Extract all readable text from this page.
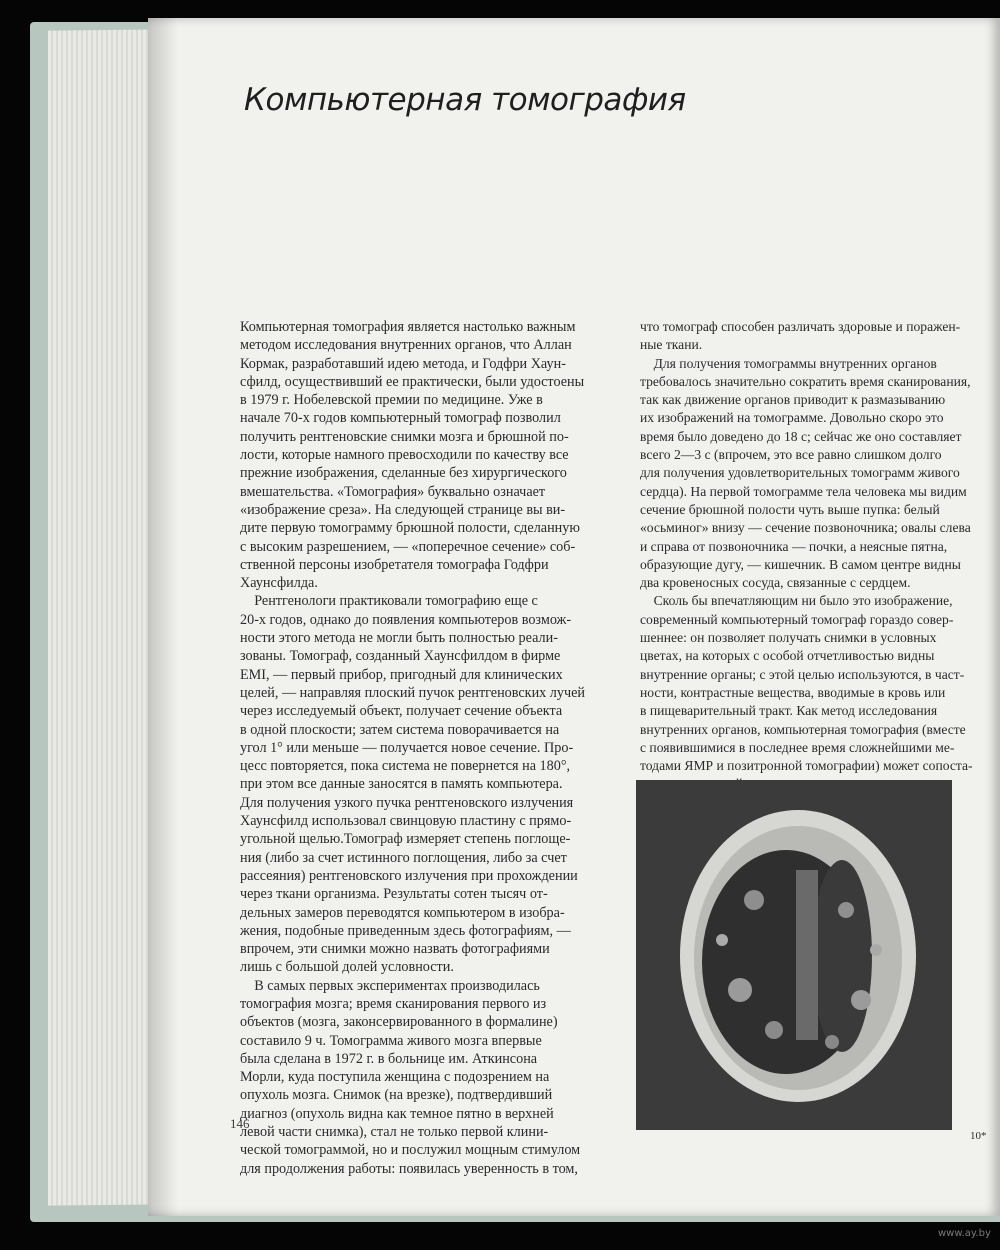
Компьютерная томография

Компьютерная томография является настолько важным
методом исследования внутренних органов, что Аллан
Кормак, разработавший идею метода, и Годфри Хаун-
сфилд, осуществивший ее практически, были удостоены
в 1979 г. Нобелевской премии по медицине. Уже в
начале 70-х годов компьютерный томограф позволил
получить рентгеновские снимки мозга и брюшной по-
лости, которые намного превосходили по качеству все
прежние изображения, сделанные без хирургического
вмешательства. «Томография» буквально означает
«изображение среза». На следующей странице вы ви-
дите первую томограмму брюшной полости, сделанную
с высоким разрешением, — «поперечное сечение» соб-
ственной персоны изобретателя томографа Годфри
Хаунсфилда.
Рентгенологи практиковали томографию еще с
20-х годов, однако до появления компьютеров возмож-
ности этого метода не могли быть полностью реали-
зованы. Томограф, созданный Хаунсфилдом в фирме
EMI, — первый прибор, пригодный для клинических
целей, — направляя плоский пучок рентгеновских лучей
через исследуемый объект, получает сечение объекта
в одной плоскости; затем система поворачивается на
угол 1° или меньше — получается новое сечение. Про-
цесс повторяется, пока система не повернется на 180°,
при этом все данные заносятся в память компьютера.
Для получения узкого пучка рентгеновского излучения
Хаунсфилд использовал свинцовую пластину с прямо-
угольной щелью.Томограф измеряет степень поглоще-
ния (либо за счет истинного поглощения, либо за счет
рассеяния) рентгеновского излучения при прохождении
через ткани организма. Результаты сотен тысяч от-
дельных замеров переводятся компьютером в изобра-
жения, подобные приведенным здесь фотографиям, —
впрочем, эти снимки можно назвать фотографиями
лишь с большой долей условности.
В самых первых экспериментах производилась
томография мозга; время сканирования первого из
объектов (мозга, законсервированного в формалине)
составило 9 ч. Томограмма живого мозга впервые
была сделана в 1972 г. в больнице им. Аткинсона
Морли, куда поступила женщина с подозрением на
опухоль мозга. Снимок (на врезке), подтвердивший
диагноз (опухоль видна как темное пятно в верхней
левой части снимка), стал не только первой клини-
ческой томограммой, но и послужил мощным стимулом
для продолжения работы: появилась уверенность в том,

что томограф способен различать здоровые и поражен-
ные ткани.
Для получения томограммы внутренних органов
требовалось значительно сократить время сканирования,
так как движение органов приводит к размазыванию
их изображений на томограмме. Довольно скоро это
время было доведено до 18 с; сейчас же оно составляет
всего 2—3 с (впрочем, это все равно слишком долго
для получения удовлетворительных томограмм живого
сердца). На первой томограмме тела человека мы видим
сечение брюшной полости чуть выше пупка: белый
«осьминог» внизу — сечение позвоночника; овалы слева
и справа от позвоночника — почки, а неясные пятна,
образующие дугу, — кишечник. В самом центре видны
два кровеносных сосуда, связанные с сердцем.
Сколь бы впечатляющим ни было это изображение,
современный компьютерный томограф гораздо совер-
шеннее: он позволяет получать снимки в условных
цветах, на которых с особой отчетливостью видны
внутренние органы; с этой целью используются, в част-
ности, контрастные вещества, вводимые в кровь или
в пищеварительный тракт. Как метод исследования
внутренних органов, компьютерная томография (вместе
с появившимися в последнее время сложнейшими ме-
тодами ЯМР и позитронной томографии) может сопоста-

146
10*
www.ay.by
